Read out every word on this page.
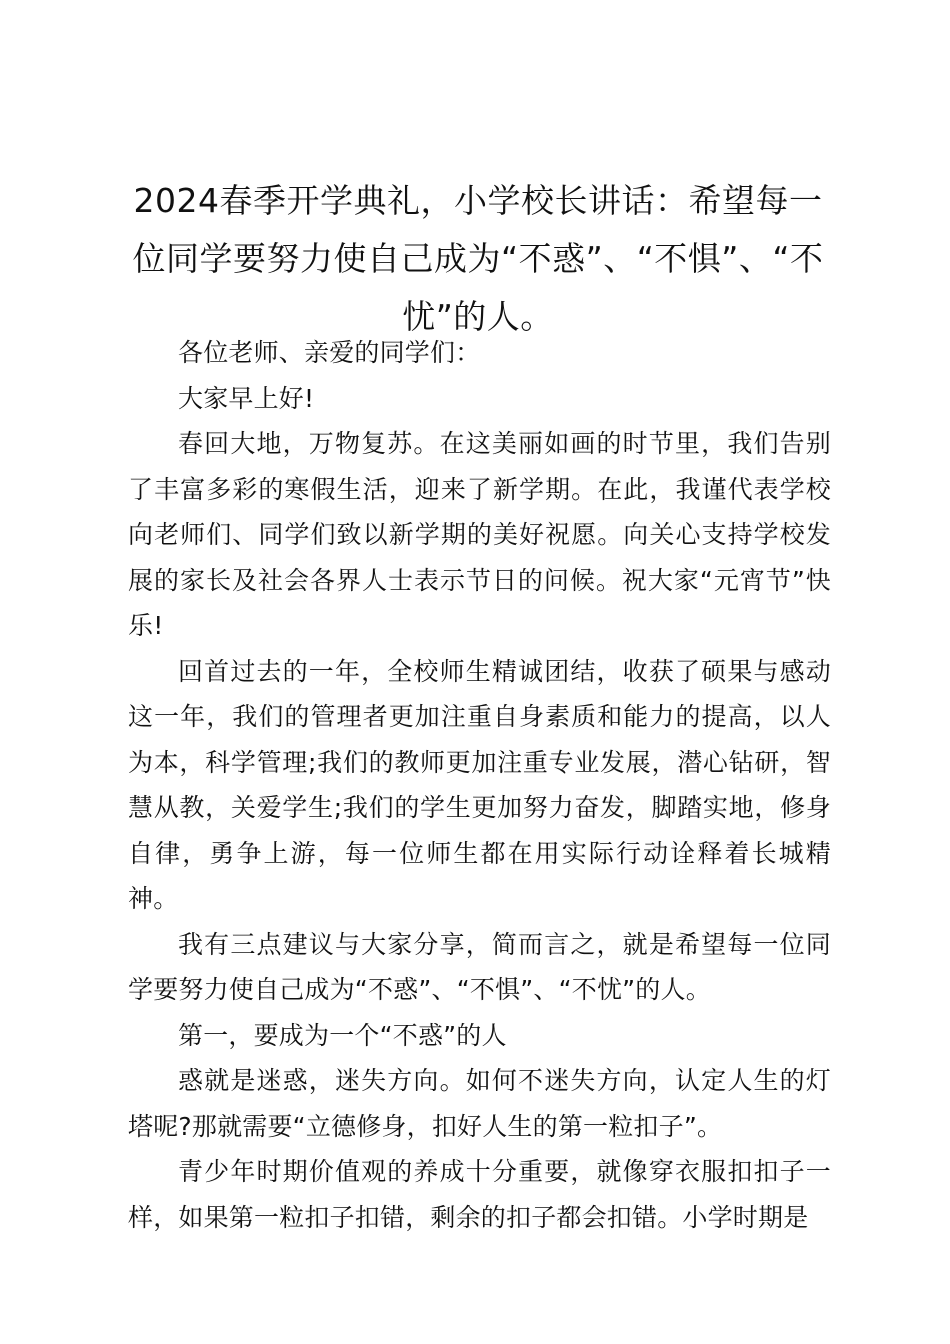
2024春季开学典礼，小学校长讲话：希望每一位同学要努力使自己成为“不惑”、“不惧”、“不忧”的人。

各位老师、亲爱的同学们：

大家早上好!

春回大地，万物复苏。在这美丽如画的时节里，我们告别了丰富多彩的寒假生活，迎来了新学期。在此，我谨代表学校向老师们、同学们致以新学期的美好祝愿。向关心支持学校发展的家长及社会各界人士表示节日的问候。祝大家“元宵节”快乐!

回首过去的一年，全校师生精诚团结，收获了硕果与感动这一年，我们的管理者更加注重自身素质和能力的提高，以人为本，科学管理;我们的教师更加注重专业发展，潜心钻研，智慧从教，关爱学生;我们的学生更加努力奋发，脚踏实地，修身自律，勇争上游，每一位师生都在用实际行动诠释着长城精神。

我有三点建议与大家分享，简而言之，就是希望每一位同学要努力使自己成为“不惑”、“不惧”、“不忧”的人。

第一，要成为一个“不惑”的人

惑就是迷惑，迷失方向。如何不迷失方向，认定人生的灯塔呢?那就需要“立德修身，扣好人生的第一粒扣子”。

青少年时期价值观的养成十分重要，就像穿衣服扣扣子一样，如果第一粒扣子扣错，剩余的扣子都会扣错。小学时期是
